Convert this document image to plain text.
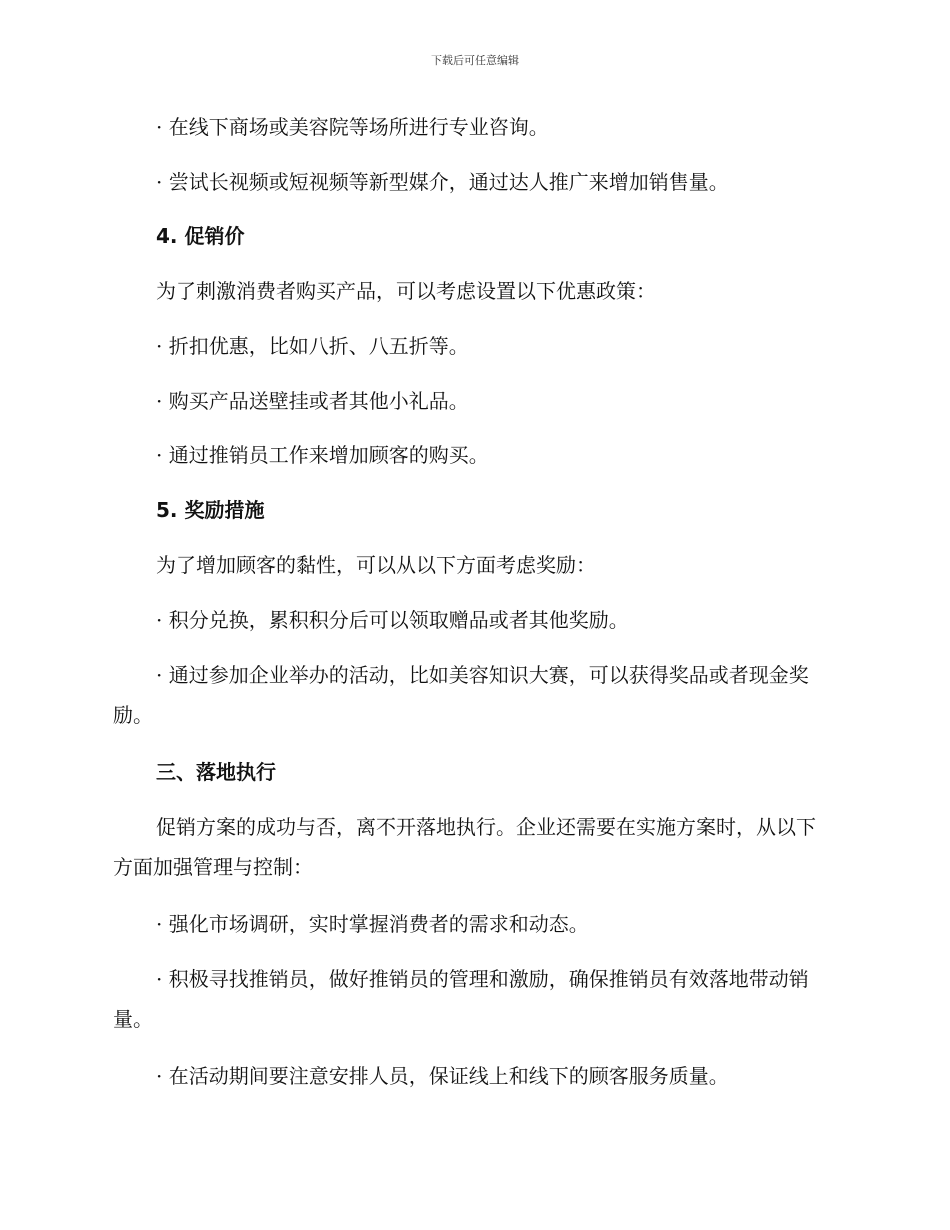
下载后可任意编辑
· 在线下商场或美容院等场所进行专业咨询。
· 尝试长视频或短视频等新型媒介，通过达人推广来增加销售量。
4. 促销价
为了刺激消费者购买产品，可以考虑设置以下优惠政策：
· 折扣优惠，比如八折、八五折等。
· 购买产品送壁挂或者其他小礼品。
· 通过推销员工作来增加顾客的购买。
5. 奖励措施
为了增加顾客的黏性，可以从以下方面考虑奖励：
· 积分兑换，累积积分后可以领取赠品或者其他奖励。
· 通过参加企业举办的活动，比如美容知识大赛，可以获得奖品或者现金奖励。
三、落地执行
促销方案的成功与否，离不开落地执行。企业还需要在实施方案时，从以下方面加强管理与控制：
· 强化市场调研，实时掌握消费者的需求和动态。
· 积极寻找推销员，做好推销员的管理和激励，确保推销员有效落地带动销量。
· 在活动期间要注意安排人员，保证线上和线下的顾客服务质量。
